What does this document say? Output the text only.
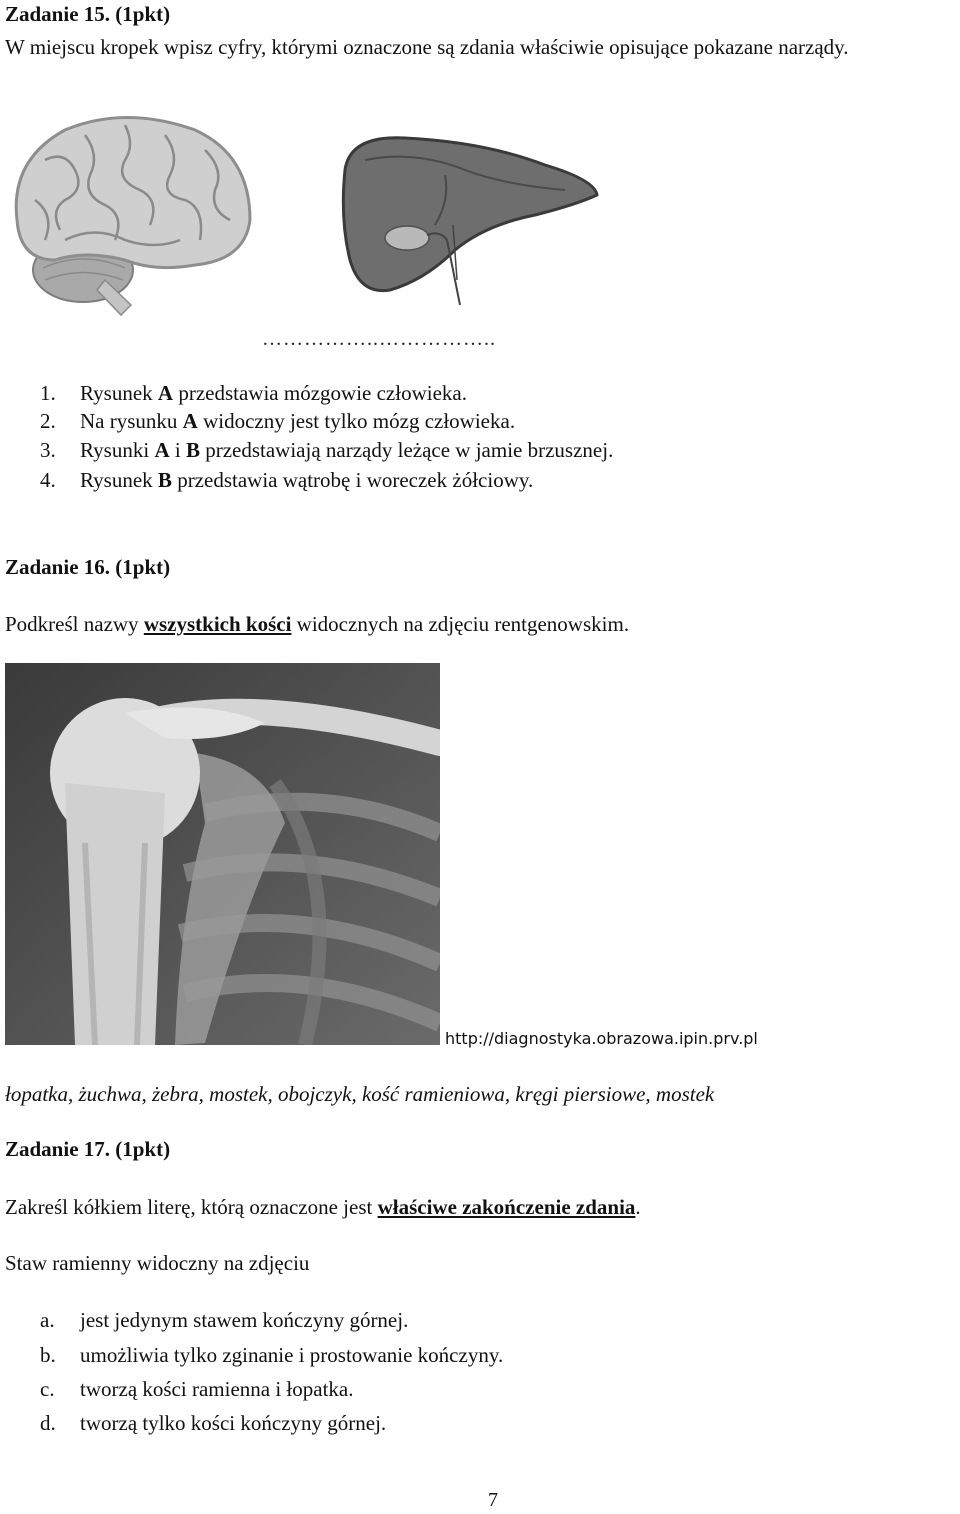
Zadanie 15. (1pkt)
W miejscu kropek wpisz cyfry, którymi oznaczone są zdania właściwie opisujące pokazane narządy.
……………..……………..
1. Rysunek A przedstawia mózgowie człowieka.
2. Na rysunku A widoczny jest tylko mózg człowieka.
3. Rysunki A i B przedstawiają narządy leżące w jamie brzusznej.
4. Rysunek B przedstawia wątrobę i woreczek żółciowy.
Zadanie 16. (1pkt)
Podkreśl nazwy wszystkich kości widocznych na zdjęciu rentgenowskim.
http://diagnostyka.obrazowa.ipin.prv.pl
łopatka, żuchwa, żebra, mostek, obojczyk, kość ramieniowa, kręgi piersiowe, mostek
Zadanie 17. (1pkt)
Zakreśl kółkiem literę, którą oznaczone jest właściwe zakończenie zdania.
Staw ramienny widoczny na zdjęciu
a. jest jedynym stawem kończyny górnej.
b. umożliwia tylko zginanie i prostowanie kończyny.
c. tworzą kości ramienna i łopatka.
d. tworzą tylko kości kończyny górnej.
7
